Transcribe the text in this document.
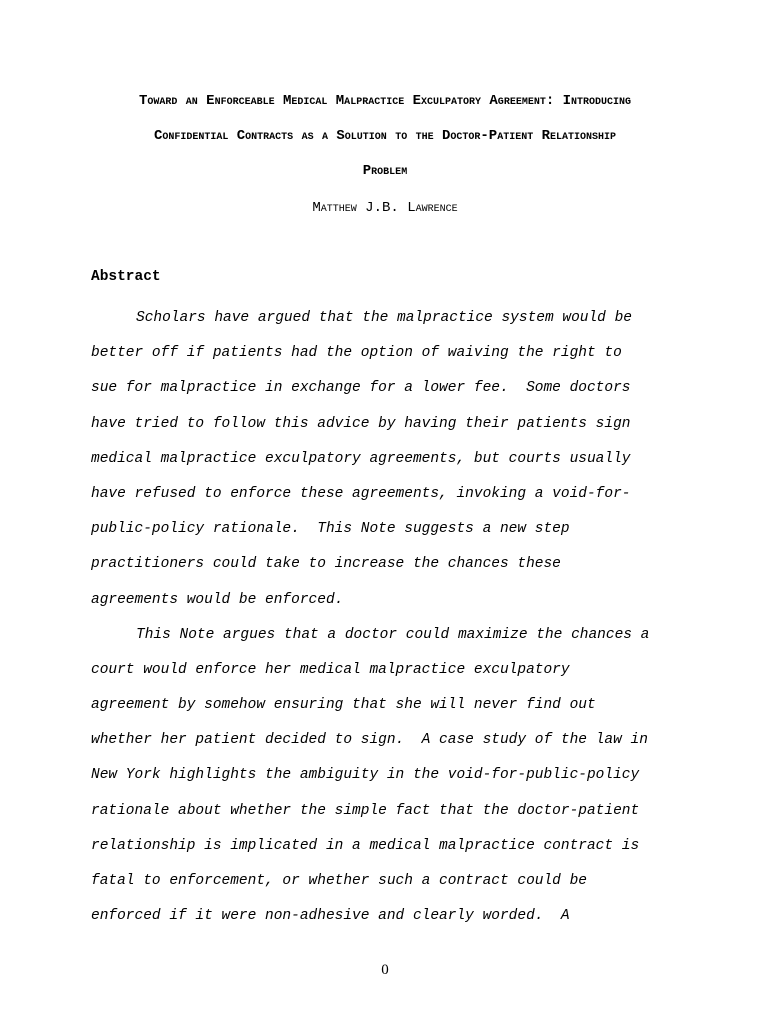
Toward an Enforceable Medical Malpractice Exculpatory Agreement: Introducing
Confidential Contracts as a Solution to the Doctor-Patient Relationship
Problem
Matthew J.B. Lawrence
Abstract
Scholars have argued that the malpractice system would be
better off if patients had the option of waiving the right to
sue for malpractice in exchange for a lower fee.  Some doctors
have tried to follow this advice by having their patients sign
medical malpractice exculpatory agreements, but courts usually
have refused to enforce these agreements, invoking a void-for-
public-policy rationale.  This Note suggests a new step
practitioners could take to increase the chances these
agreements would be enforced.
This Note argues that a doctor could maximize the chances a
court would enforce her medical malpractice exculpatory
agreement by somehow ensuring that she will never find out
whether her patient decided to sign.  A case study of the law in
New York highlights the ambiguity in the void-for-public-policy
rationale about whether the simple fact that the doctor-patient
relationship is implicated in a medical malpractice contract is
fatal to enforcement, or whether such a contract could be
enforced if it were non-adhesive and clearly worded.  A
0
